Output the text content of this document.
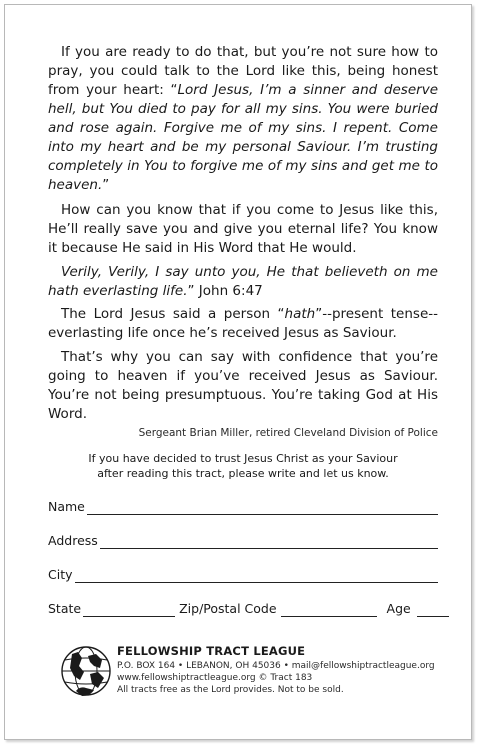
If you are ready to do that, but you’re not sure how to pray, you could talk to the Lord like this, being honest from your heart: “Lord Jesus, I’m a sinner and deserve hell, but You died to pay for all my sins. You were buried and rose again. Forgive me of my sins. I repent. Come into my heart and be my personal Saviour. I’m trusting completely in You to forgive me of my sins and get me to heaven.”

How can you know that if you come to Jesus like this, He’ll really save you and give you eternal life? You know it because He said in His Word that He would.

Verily, Verily, I say unto you, He that believeth on me hath everlasting life.” John 6:47

The Lord Jesus said a person “hath”--present tense--everlasting life once he’s received Jesus as Saviour.

That’s why you can say with confidence that you’re going to heaven if you’ve received Jesus as Saviour. You’re not being presumptuous. You’re taking God at His Word.

Sergeant Brian Miller, retired Cleveland Division of Police
If you have decided to trust Jesus Christ as your Saviour
after reading this tract, please write and let us know.
Name
Address
City
State	Zip/Postal Code	Age
FELLOWSHIP TRACT LEAGUE
P.O. BOX 164 • LEBANON, OH 45036 • mail@fellowshiptractleague.org
www.fellowshiptractleague.org © Tract 183
All tracts free as the Lord provides. Not to be sold.
